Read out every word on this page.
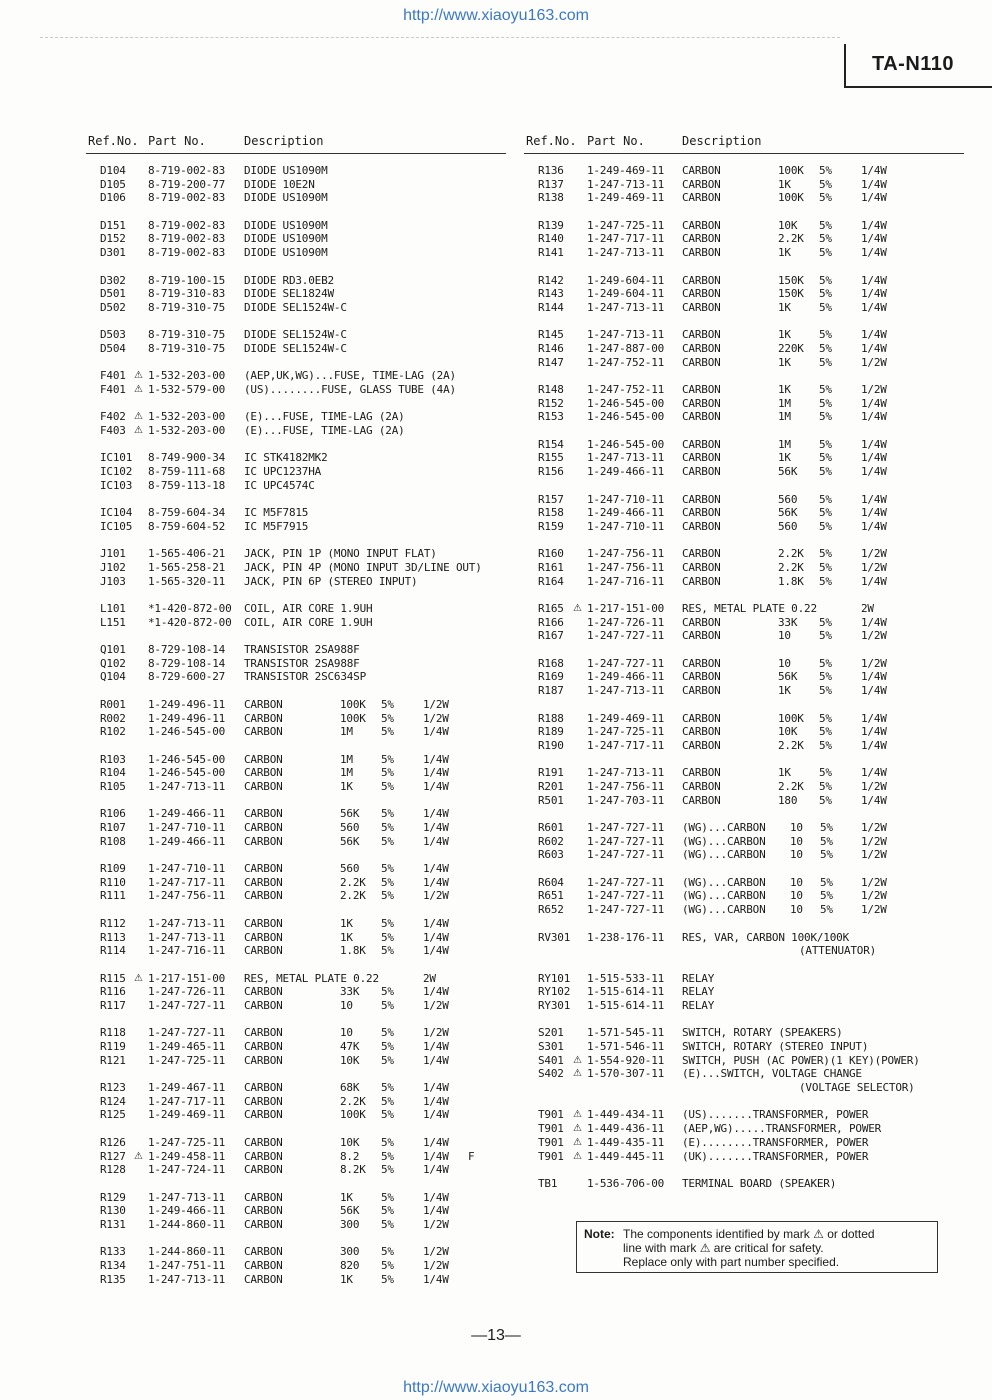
http://www.xiaoyu163.com
TA-N110
Ref.No. Part No.	Description
D104 8-719-002-83 DIODE US1090M
D105 8-719-200-77 DIODE 10E2N
D106 8-719-002-83 DIODE US1090M
D151 8-719-002-83 DIODE US1090M
D152 8-719-002-83 DIODE US1090M
D301 8-719-002-83 DIODE US1090M
D302 8-719-100-15 DIODE RD3.0EB2
D501 8-719-310-83 DIODE SEL1824W
D502 8-719-310-75 DIODE SEL1524W-C
D503 8-719-310-75 DIODE SEL1524W-C
D504 8-719-310-75 DIODE SEL1524W-C
F401 ⚠ 1-532-203-00 (AEP,UK,WG)...FUSE, TIME-LAG (2A)
F401 ⚠ 1-532-579-00 (US)........FUSE, GLASS TUBE (4A)
F402 ⚠ 1-532-203-00 (E)...FUSE, TIME-LAG (2A)
F403 ⚠ 1-532-203-00 (E)...FUSE, TIME-LAG (2A)
IC101 8-749-900-34 IC STK4182MK2
IC102 8-759-111-68 IC UPC1237HA
IC103 8-759-113-18 IC UPC4574C
IC104 8-759-604-34 IC M5F7815
IC105 8-759-604-52 IC M5F7915
J101 1-565-406-21 JACK, PIN 1P (MONO INPUT FLAT)
J102 1-565-258-21 JACK, PIN 4P (MONO INPUT 3D/LINE OUT)
J103 1-565-320-11 JACK, PIN 6P (STEREO INPUT)
L101 *1-420-872-00 COIL, AIR CORE 1.9UH
L151 *1-420-872-00 COIL, AIR CORE 1.9UH
Q101 8-729-108-14 TRANSISTOR 2SA988F
Q102 8-729-108-14 TRANSISTOR 2SA988F
Q104 8-729-600-27 TRANSISTOR 2SC634SP
R001 1-249-496-11 CARBON	100K 5%	1/2W
R002 1-249-496-11 CARBON	100K 5%	1/2W
R102 1-246-545-00 CARBON	1M	5%	1/4W
R103 1-246-545-00 CARBON	1M	5%	1/4W
R104 1-246-545-00 CARBON	1M	5%	1/4W
R105 1-247-713-11 CARBON	1K	5%	1/4W
R106 1-249-466-11 CARBON	56K 5%	1/4W
R107 1-247-710-11 CARBON	560 5%	1/4W
R108 1-249-466-11 CARBON	56K 5%	1/4W
R109 1-247-710-11 CARBON	560 5%	1/4W
R110 1-247-717-11 CARBON	2.2K 5%	1/4W
R111 1-247-756-11 CARBON	2.2K 5%	1/2W
R112 1-247-713-11 CARBON	1K	5%	1/4W
R113 1-247-713-11 CARBON	1K	5%	1/4W
R114 1-247-716-11 CARBON	1.8K 5%	1/4W
R115 ⚠ 1-217-151-00 RES, METAL PLATE 0.22	2W
R116 1-247-726-11 CARBON	33K 5%	1/4W
R117 1-247-727-11 CARBON	10	5%	1/2W
R118 1-247-727-11 CARBON	10	5%	1/2W
R119 1-249-465-11 CARBON	47K 5%	1/4W
R121 1-247-725-11 CARBON	10K 5%	1/4W
R123 1-249-467-11 CARBON	68K 5%	1/4W
R124 1-247-717-11 CARBON	2.2K 5%	1/4W
R125 1-249-469-11 CARBON	100K 5%	1/4W
R126 1-247-725-11 CARBON	10K 5%	1/4W
R127 ⚠ 1-249-458-11 CARBON	8.2 5%	1/4W F
R128 1-247-724-11 CARBON	8.2K 5%	1/4W
R129 1-247-713-11 CARBON	1K	5%	1/4W
R130 1-249-466-11 CARBON	56K 5%	1/4W
R131 1-244-860-11 CARBON	300 5%	1/2W
R133 1-244-860-11 CARBON	300 5%	1/2W
R134 1-247-751-11 CARBON	820 5%	1/2W
R135 1-247-713-11 CARBON	1K	5%	1/4W
Ref.No. Part No.	Description
R136 1-249-469-11 CARBON	100K 5%	1/4W
R137 1-247-713-11 CARBON	1K	5%	1/4W
R138 1-249-469-11 CARBON	100K 5%	1/4W
R139 1-247-725-11 CARBON	10K 5%	1/4W
R140 1-247-717-11 CARBON	2.2K 5%	1/4W
R141 1-247-713-11 CARBON	1K	5%	1/4W
R142 1-249-604-11 CARBON	150K 5%	1/4W
R143 1-249-604-11 CARBON	150K 5%	1/4W
R144 1-247-713-11 CARBON	1K	5%	1/4W
R145 1-247-713-11 CARBON	1K	5%	1/4W
R146 1-247-887-00 CARBON	220K 5%	1/4W
R147 1-247-752-11 CARBON	1K	5%	1/2W
R148 1-247-752-11 CARBON	1K	5%	1/2W
R152 1-246-545-00 CARBON	1M	5%	1/4W
R153 1-246-545-00 CARBON	1M	5%	1/4W
R154 1-246-545-00 CARBON	1M	5%	1/4W
R155 1-247-713-11 CARBON	1K	5%	1/4W
R156 1-249-466-11 CARBON	56K 5%	1/4W
R157 1-247-710-11 CARBON	560 5%	1/4W
R158 1-249-466-11 CARBON	56K 5%	1/4W
R159 1-247-710-11 CARBON	560 5%	1/4W
R160 1-247-756-11 CARBON	2.2K 5%	1/2W
R161 1-247-756-11 CARBON	2.2K 5%	1/2W
R164 1-247-716-11 CARBON	1.8K 5%	1/4W
R165 ⚠ 1-217-151-00 RES, METAL PLATE 0.22	2W
R166 1-247-726-11 CARBON	33K 5%	1/4W
R167 1-247-727-11 CARBON	10	5%	1/2W
R168 1-247-727-11 CARBON	10	5%	1/2W
R169 1-249-466-11 CARBON	56K 5%	1/4W
R187 1-247-713-11 CARBON	1K	5%	1/4W
R188 1-249-469-11 CARBON	100K 5%	1/4W
R189 1-247-725-11 CARBON	10K 5%	1/4W
R190 1-247-717-11 CARBON	2.2K 5%	1/4W
R191 1-247-713-11 CARBON	1K	5%	1/4W
R201 1-247-756-11 CARBON	2.2K 5%	1/2W
R501 1-247-703-11 CARBON	180 5%	1/4W
R601 1-247-727-11 (WG)...CARBON 10 5%	1/2W
R602 1-247-727-11 (WG)...CARBON 10 5%	1/2W
R603 1-247-727-11 (WG)...CARBON 10 5%	1/2W
R604 1-247-727-11 (WG)...CARBON 10 5%	1/2W
R651 1-247-727-11 (WG)...CARBON 10 5%	1/2W
R652 1-247-727-11 (WG)...CARBON 10 5%	1/2W
RV301 1-238-176-11 RES, VAR, CARBON 100K/100K
(ATTENUATOR)
RY101 1-515-533-11 RELAY
RY102 1-515-614-11 RELAY
RY301 1-515-614-11 RELAY
S201 1-571-545-11 SWITCH, ROTARY (SPEAKERS)
S301 1-571-546-11 SWITCH, ROTARY (STEREO INPUT)
S401 ⚠ 1-554-920-11 SWITCH, PUSH (AC POWER)(1 KEY)(POWER)
S402 ⚠ 1-570-307-11 (E)...SWITCH, VOLTAGE CHANGE
(VOLTAGE SELECTOR)
T901 ⚠ 1-449-434-11 (US).......TRANSFORMER, POWER
T901 ⚠ 1-449-436-11 (AEP,WG).....TRANSFORMER, POWER
T901 ⚠ 1-449-435-11 (E)........TRANSFORMER, POWER
T901 ⚠ 1-449-445-11 (UK).......TRANSFORMER, POWER
TB1	1-536-706-00 TERMINAL BOARD (SPEAKER)
Note: The components identified by mark ⚠ or dotted
line with mark ⚠ are critical for safety.
Replace only with part number specified.
—13—
http://www.xiaoyu163.com
